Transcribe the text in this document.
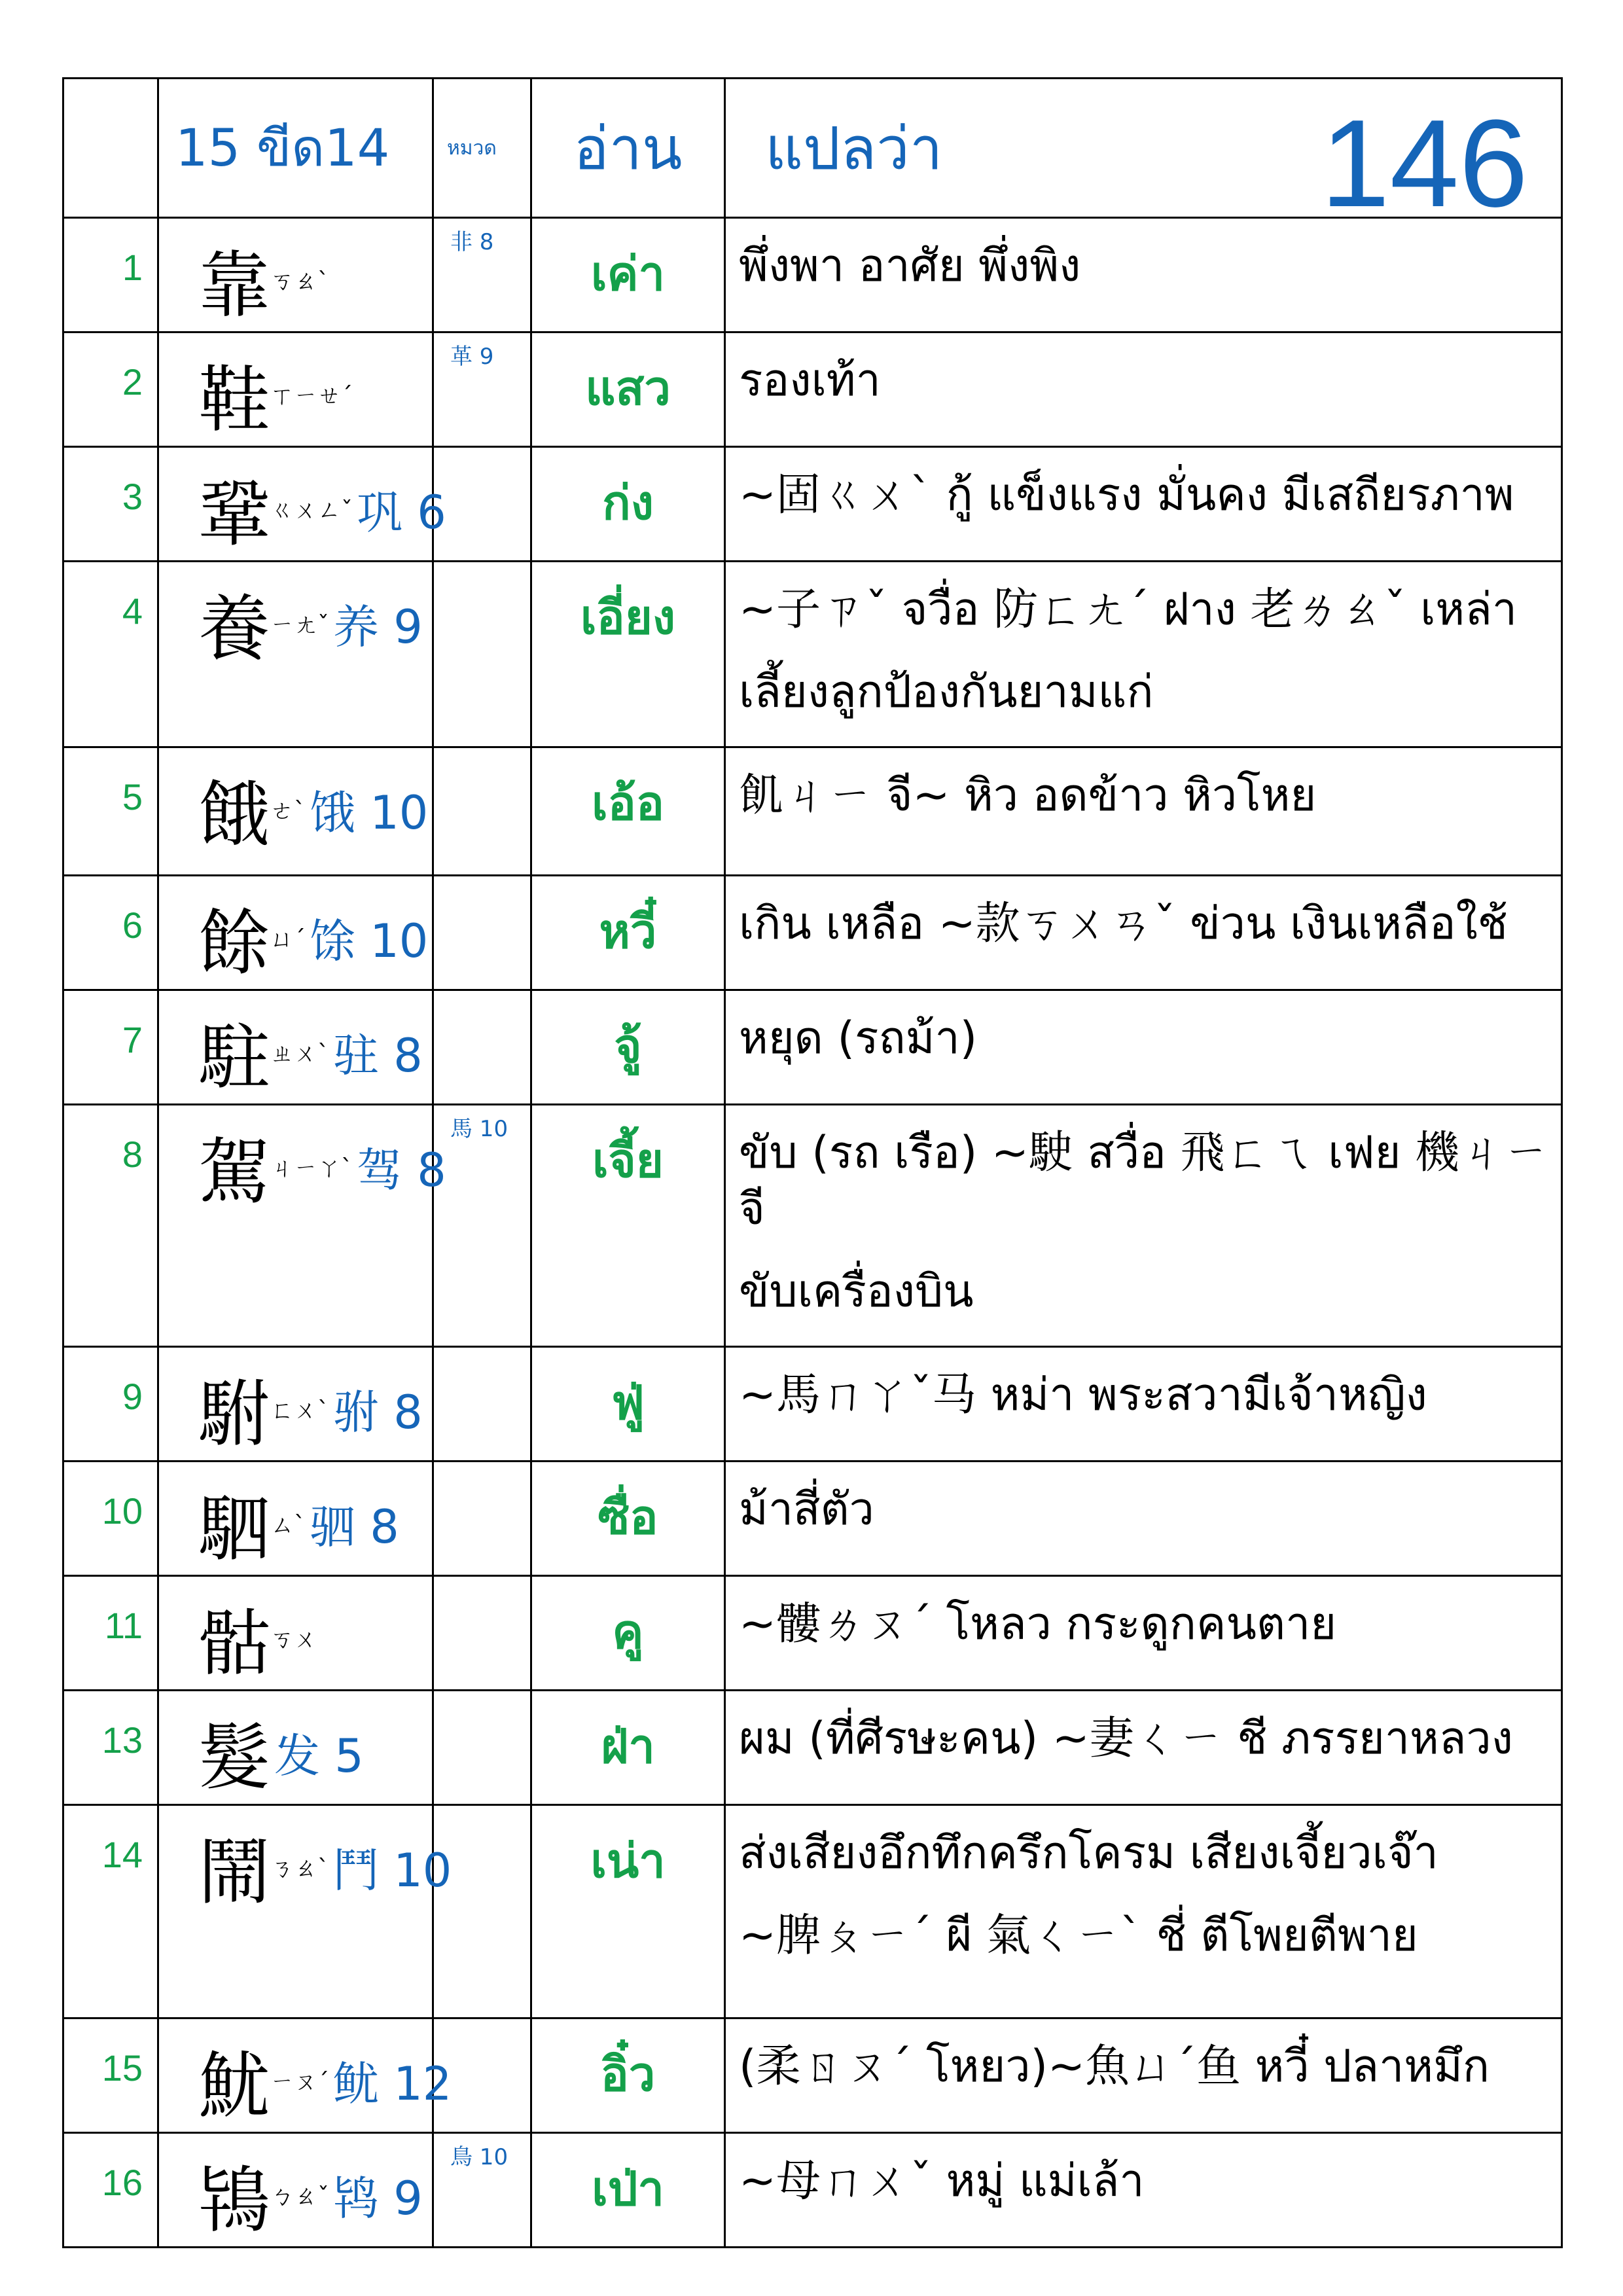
	15 ขีด14	หมวด	อ่าน	แปลว่า 146

1	靠ㄎㄠˋ	非 8	เค่า	พึ่งพา อาศัย พึ่งพิง

2	鞋ㄒㄧㄝˊ	革 9	แสว	รองเท้า

3	鞏ㄍㄨㄥˇ巩 6		ก่ง	~固ㄍㄨˋ กู้ แข็งแรง มั่นคง มีเสถียรภาพ

4	養ㄧㄤˇ养 9		เอี่ยง	~子ㄗˇ จวื่อ 防ㄈㄤˊ ฝาง 老ㄌㄠˇ เหล่า
เลี้ยงลูกป้องกันยามแก่

5	餓ㄜˋ饿 10		เอ้อ	飢ㄐㄧ จี~ หิว อดข้าว หิวโหย

6	餘ㄩˊ馀 10		หวี๋	เกิน เหลือ ~款ㄎㄨㄢˇ ข่วน เงินเหลือใช้

7	駐ㄓㄨˋ驻 8		จู้	หยุด (รถม้า)

8	駕ㄐㄧㄚˋ驾 8	馬 10	เจี้ย	ขับ (รถ เรือ) ~駛 สวื่อ 飛ㄈㄟ เฟย 機ㄐㄧ จี
ขับเครื่องบิน

9	駙ㄈㄨˋ驸 8		ฟู่	~馬ㄇㄚˇ马 หม่า พระสวามีเจ้าหญิง

10	駟ㄙˋ驷 8		ซื่อ	ม้าสี่ตัว

11	骷ㄎㄨ		คู	~髏ㄌㄡˊ โหลว กระดูกคนตาย

13	髮发 5		ฝ่า	ผม (ที่ศีรษะคน) ~妻ㄑㄧ ชี ภรรยาหลวง

14	鬧ㄋㄠˋ鬥 10		เน่า	ส่งเสียงอึกทึกครึกโครม เสียงเจี้ยวเจ๊า
~脾ㄆㄧˊ ผี 氣ㄑㄧˋ ชี่ ตีโพยตีพาย

15	魷ㄧㄡˊ鱿 12		อิ๋ว	(柔ㄖㄡˊ โหยว)~魚ㄩˊ鱼 หวี๋ ปลาหมึก

16	鴇ㄅㄠˇ鸨 9	鳥 10	เป่า	~母ㄇㄨˇ หมู่ แม่เล้า
